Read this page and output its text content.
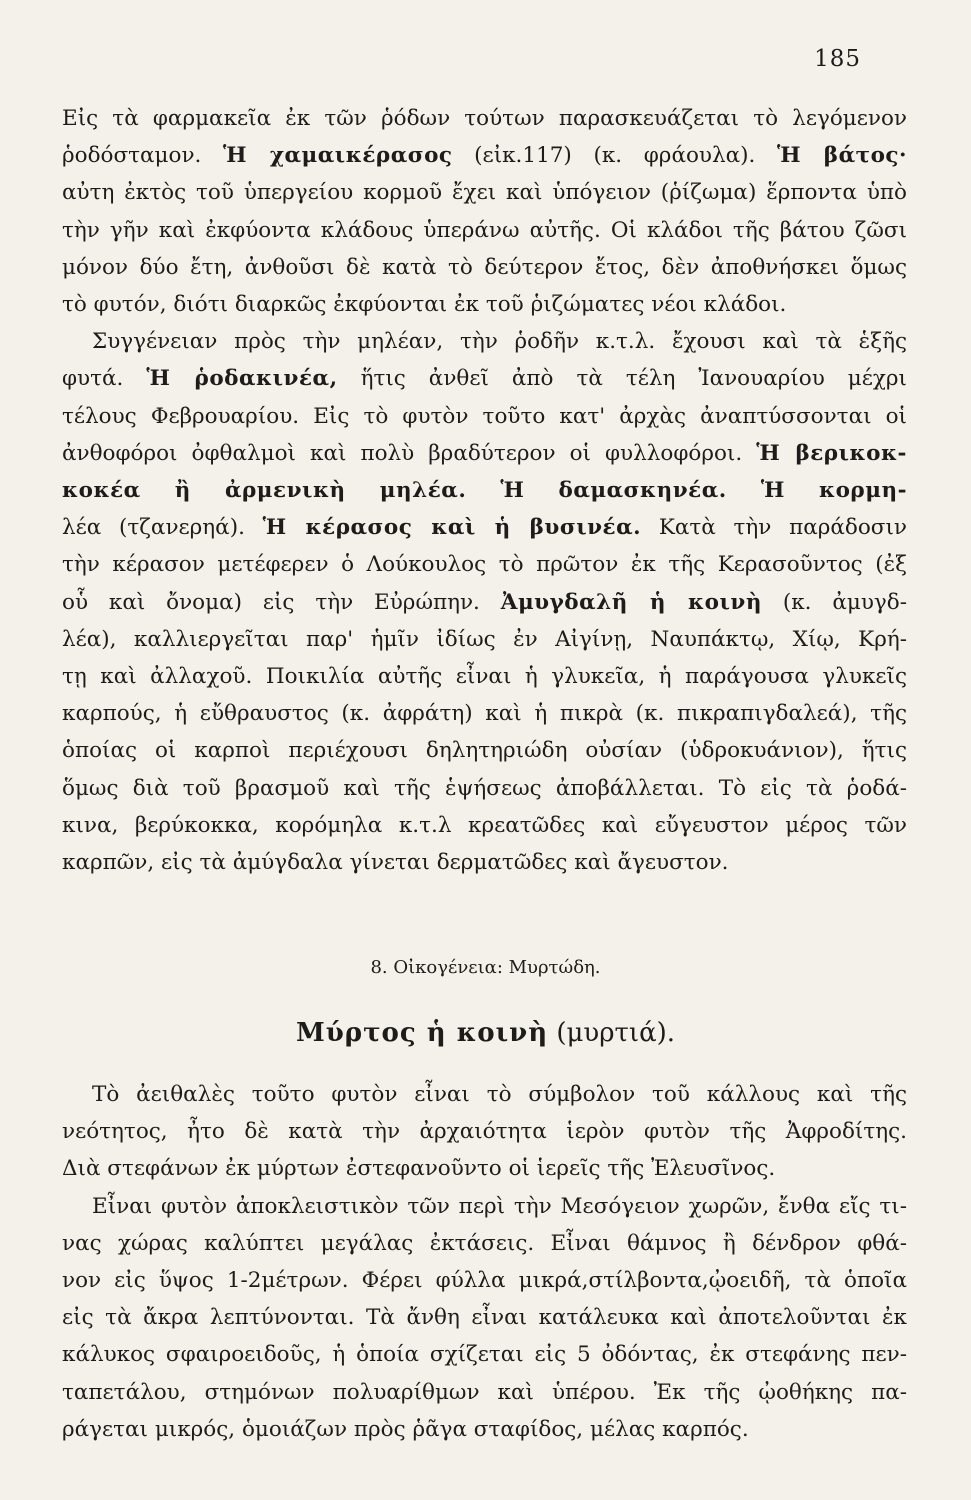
185
Εἰς τὰ φαρμακεῖα ἐκ τῶν ῥόδων τούτων παρασκευάζεται τὸ λεγόμενον
ῥοδόσταμον. Ἡ χαμαικέρασος (εἰκ.117) (κ. φράουλα). Ἡ βάτος·
αὐτη ἐκτὸς τοῦ ὑπεργείου κορμοῦ ἔχει καὶ ὑπόγειον (ῥίζωμα) ἕρποντα ὑπὸ
τὴν γῆν καὶ ἐκφύοντα κλάδους ὑπεράνω αὐτῆς. Οἱ κλάδοι τῆς βάτου ζῶσι
μόνον δύο ἔτη, ἀνθοῦσι δὲ κατὰ τὸ δεύτερον ἔτος, δὲν ἀποθνήσκει ὅμως
τὸ φυτόν, διότι διαρκῶς ἐκφύονται ἐκ τοῦ ῥιζώματες νέοι κλάδοι.
Συγγένειαν πρὸς τὴν μηλέαν, τὴν ῥοδῆν κ.τ.λ. ἔχουσι καὶ τὰ ἑξῆς
φυτά. Ἡ ῥοδακινέα, ἥτις ἀνθεῖ ἀπὸ τὰ τέλη Ἰανουαρίου μέχρι
τέλους Φεβρουαρίου. Εἰς τὸ φυτὸν τοῦτο κατ' ἀρχὰς ἀναπτύσσονται οἱ
ἀνθοφόροι ὀφθαλμοὶ καὶ πολὺ βραδύτερον οἱ φυλλοφόροι. Ἡ βερικοκ-
κοκέα ἢ ἀρμενικὴ μηλέα. Ἡ δαμασκηνέα. Ἡ κορμη-
λέα (τζανερηά). Ἡ κέρασος καὶ ἡ βυσινέα. Κατὰ τὴν παράδοσιν
τὴν κέρασον μετέφερεν ὁ Λούκουλος τὸ πρῶτον ἐκ τῆς Κερασοῦντος (ἐξ
οὗ καὶ ὄνομα) εἰς τὴν Εὐρώπην. Ἀμυγδαλῆ ἡ κοινὴ (κ. ἀμυγδ-
λέα), καλλιεργεῖται παρ' ἡμῖν ἰδίως ἐν Αἰγίνῃ, Ναυπάκτῳ, Χίῳ, Κρή-
τῃ καὶ ἀλλαχοῦ. Ποικιλία αὐτῆς εἶναι ἡ γλυκεῖα, ἡ παράγουσα γλυκεῖς
καρπούς, ἡ εὔθραυστος (κ. ἀφράτη) καὶ ἡ πικρὰ (κ. πικραπιγδαλεά), τῆς
ὁποίας οἱ καρποὶ περιέχουσι δηλητηριώδη οὐσίαν (ὑδροκυάνιον), ἥτις
ὅμως διὰ τοῦ βρασμοῦ καὶ τῆς ἑψήσεως ἀποβάλλεται. Τὸ εἰς τὰ ῥοδά-
κινα, βερύκοκκα, κορόμηλα κ.τ.λ κρεατῶδες καὶ εὔγευστον μέρος τῶν
καρπῶν, εἰς τὰ ἀμύγδαλα γίνεται δερματῶδες καὶ ἄγευστον.
8. Οἰκογένεια: Μυρτώδη.
Μύρτος ἡ κοινὴ (μυρτιά).
Τὸ ἀειθαλὲς τοῦτο φυτὸν εἶναι τὸ σύμβολον τοῦ κάλλους καὶ τῆς
νεότητος, ἦτο δὲ κατὰ τὴν ἀρχαιότητα ἱερὸν φυτὸν τῆς Ἀφροδίτης.
Διὰ στεφάνων ἐκ μύρτων ἐστεφανοῦντο οἱ ἱερεῖς τῆς Ἐλευσῖνος.
Εἶναι φυτὸν ἀποκλειστικὸν τῶν περὶ τὴν Μεσόγειον χωρῶν, ἔνθα εἴς τι-
νας χώρας καλύπτει μεγάλας ἐκτάσεις. Εἶναι θάμνος ἢ δένδρον φθά-
νον εἰς ὕψος 1-2μέτρων. Φέρει φύλλα μικρά,στίλβοντα,ᾠοειδῆ, τὰ ὁποῖα
εἰς τὰ ἄκρα λεπτύνονται. Τὰ ἄνθη εἶναι κατάλευκα καὶ ἀποτελοῦνται ἐκ
κάλυκος σφαιροειδοῦς, ἡ ὁποία σχίζεται εἰς 5 ὀδόντας, ἐκ στεφάνης πεν-
ταπετάλου, στημόνων πολυαρίθμων καὶ ὑπέρου. Ἐκ τῆς ᾠοθήκης πα-
ράγεται μικρός, ὁμοιάζων πρὸς ῥᾶγα σταφίδος, μέλας καρπός.
